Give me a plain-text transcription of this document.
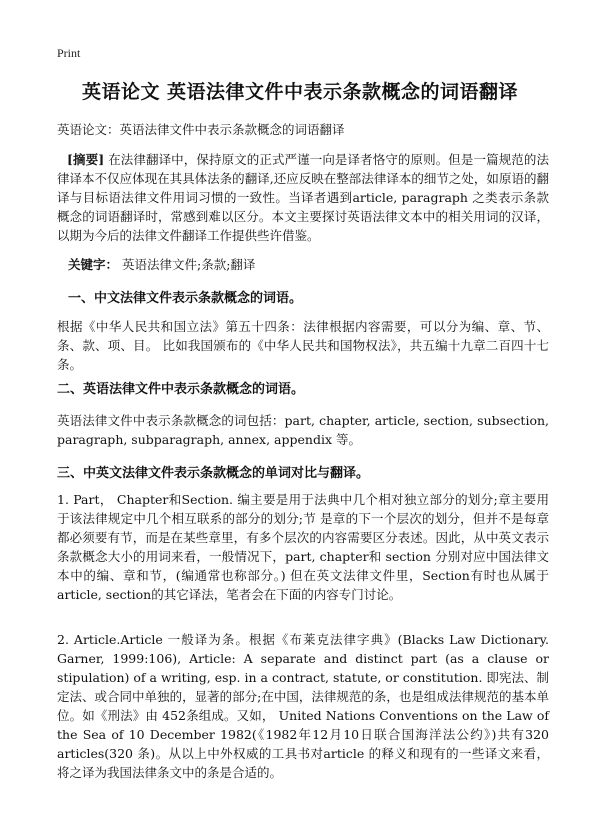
Print
英语论文 英语法律文件中表示条款概念的词语翻译
英语论文：英语法律文件中表示条款概念的词语翻译
[摘要] 在法律翻译中，保持原文的正式严谨一向是译者恪守的原则。但是一篇规范的法律译本不仅应体现在其具体法条的翻译,还应反映在整部法律译本的细节之处，如原语的翻译与目标语法律文件用词习惯的一致性。当译者遇到article, paragraph 之类表示条款概念的词语翻译时，常感到难以区分。本文主要探讨英语法律文本中的相关用词的汉译，以期为今后的法律文件翻译工作提供些许借鉴。
关键字： 英语法律文件;条款;翻译
一、中文法律文件表示条款概念的词语。
根据《中华人民共和国立法》第五十四条：法律根据内容需要，可以分为编、章、节、条、款、项、目。 比如我国颁布的《中华人民共和国物权法》，共五编十九章二百四十七条。
二、英语法律文件中表示条款概念的词语。
英语法律文件中表示条款概念的词包括：part, chapter, article, section, subsection, paragraph, subparagraph, annex, appendix 等。
三、中英文法律文件表示条款概念的单词对比与翻译。
1. Part， Chapter和Section. 编主要是用于法典中几个相对独立部分的划分;章主要用于该法律规定中几个相互联系的部分的划分;节 是章的下一个层次的划分，但并不是每章都必须要有节，而是在某些章里，有多个层次的内容需要区分表述。因此，从中英文表示条款概念大小的用词来看，一般情况下，part, chapter和 section 分别对应中国法律文本中的编、章和节，(编通常也称部分。) 但在英文法律文件里，Section有时也从属于article, section的其它译法，笔者会在下面的内容专门讨论。
2. Article.Article 一般译为条。根据《布莱克法律字典》(Blacks Law Dictionary. Garner, 1999:106), Article: A separate and distinct part (as a clause or stipulation) of a writing, esp. in a contract, statute, or constitution. 即宪法、制定法、或合同中单独的，显著的部分;在中国，法律规范的条，也是组成法律规范的基本单位。如《刑法》由 452条组成。又如， United Nations Conventions on the Law of the Sea of 10 December 1982(《1982年12月10日联合国海洋法公约》)共有320 articles(320 条)。从以上中外权威的工具书对article 的释义和现有的一些译文来看，将之译为我国法律条文中的条是合适的。
